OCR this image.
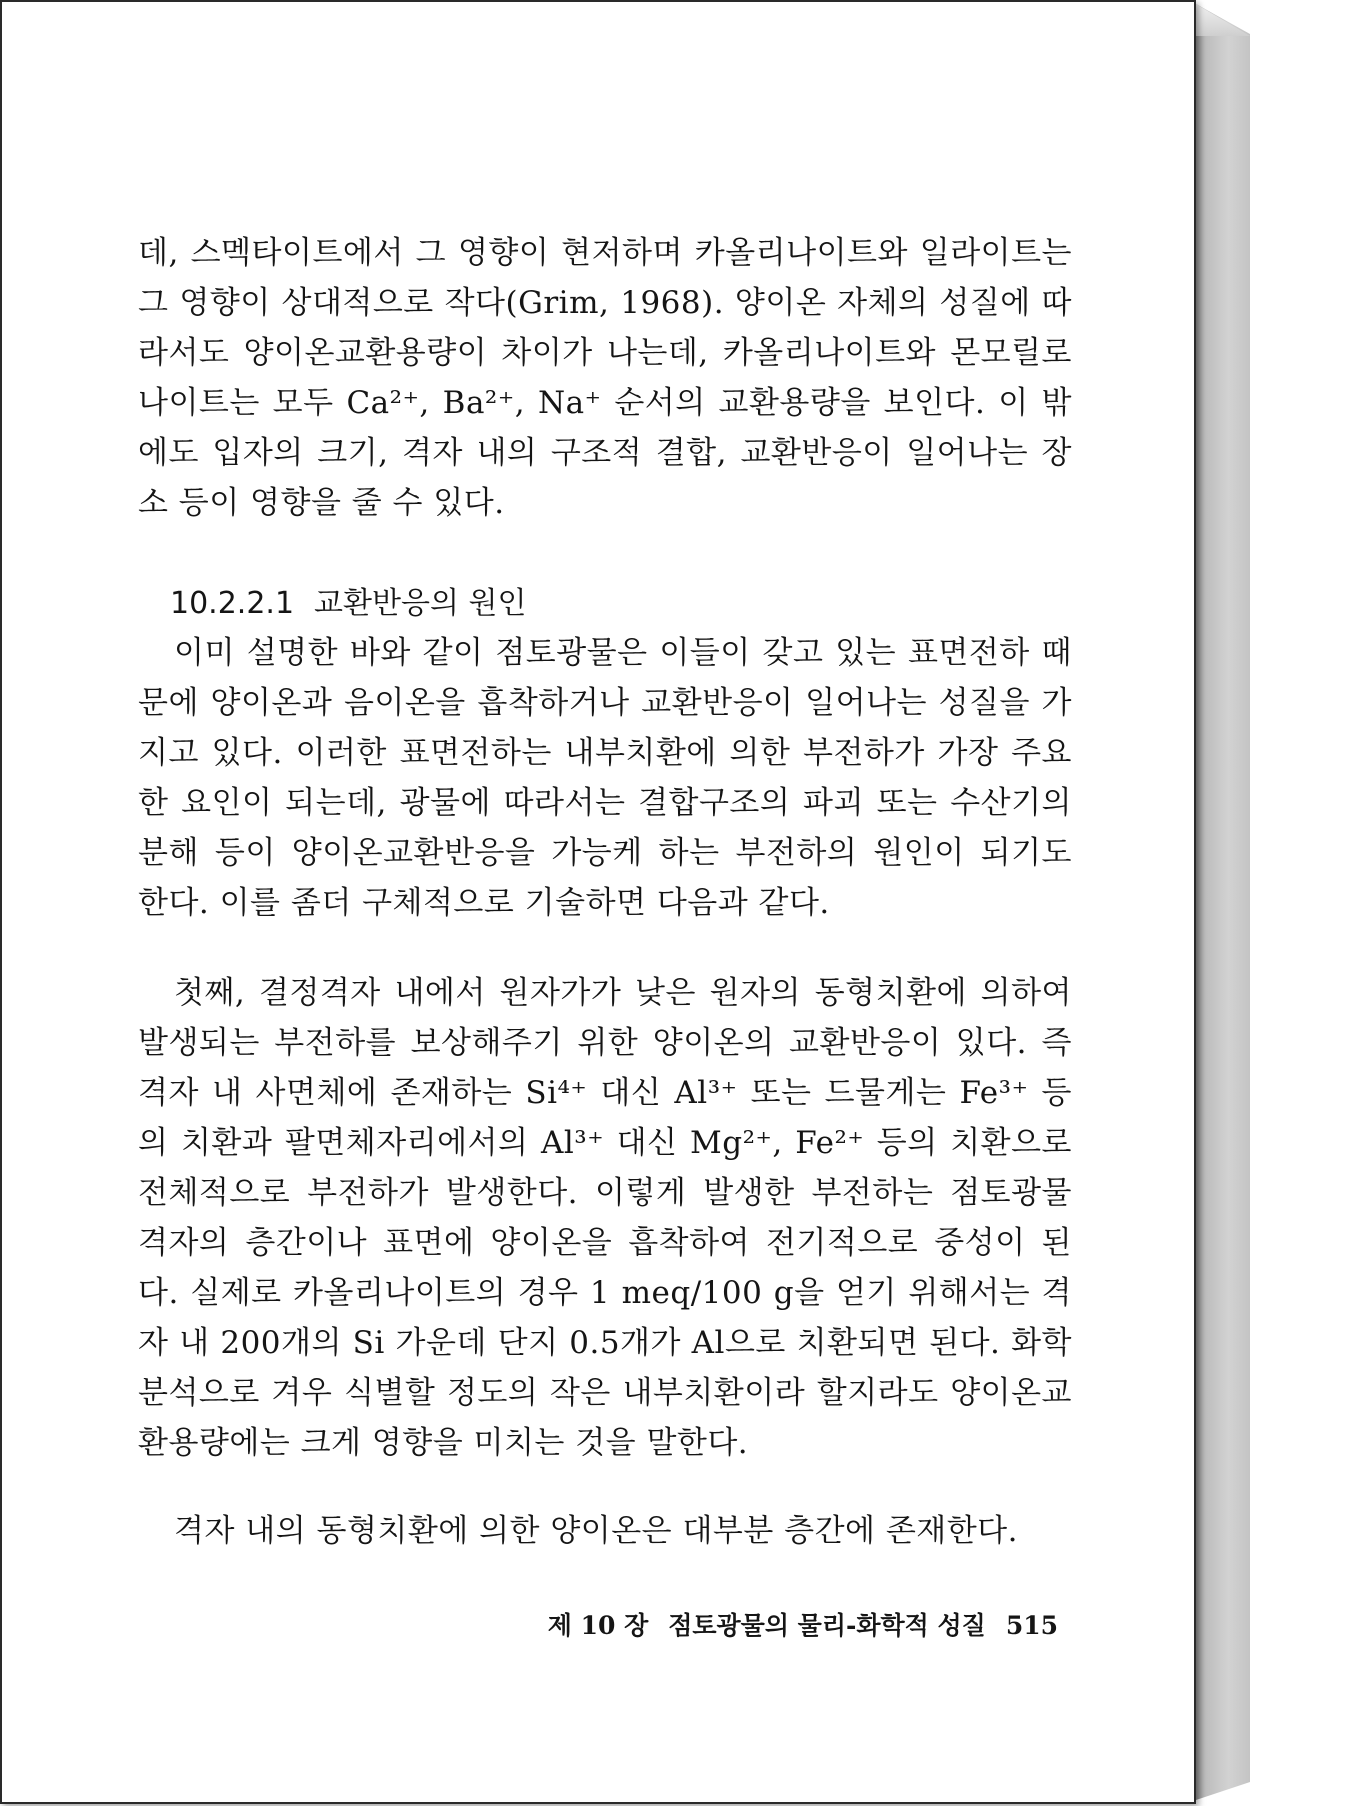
데, 스멕타이트에서 그 영향이 현저하며 카올리나이트와 일라이트는 그 영향이 상대적으로 작다(Grim, 1968). 양이온 자체의 성질에 따라서도 양이온교환용량이 차이가 나는데, 카올리나이트와 몬모릴로나이트는 모두 Ca²⁺, Ba²⁺, Na⁺ 순서의 교환용량을 보인다. 이 밖에도 입자의 크기, 격자 내의 구조적 결합, 교환반응이 일어나는 장소 등이 영향을 줄 수 있다.

10.2.2.1 교환반응의 원인

이미 설명한 바와 같이 점토광물은 이들이 갖고 있는 표면전하 때문에 양이온과 음이온을 흡착하거나 교환반응이 일어나는 성질을 가지고 있다. 이러한 표면전하는 내부치환에 의한 부전하가 가장 주요한 요인이 되는데, 광물에 따라서는 결합구조의 파괴 또는 수산기의 분해 등이 양이온교환반응을 가능케 하는 부전하의 원인이 되기도 한다. 이를 좀더 구체적으로 기술하면 다음과 같다.

첫째, 결정격자 내에서 원자가가 낮은 원자의 동형치환에 의하여 발생되는 부전하를 보상해주기 위한 양이온의 교환반응이 있다. 즉 격자 내 사면체에 존재하는 Si⁴⁺ 대신 Al³⁺ 또는 드물게는 Fe³⁺ 등의 치환과 팔면체자리에서의 Al³⁺ 대신 Mg²⁺, Fe²⁺ 등의 치환으로 전체적으로 부전하가 발생한다. 이렇게 발생한 부전하는 점토광물 격자의 층간이나 표면에 양이온을 흡착하여 전기적으로 중성이 된다. 실제로 카올리나이트의 경우 1 meq/100 g을 얻기 위해서는 격자 내 200개의 Si 가운데 단지 0.5개가 Al으로 치환되면 된다. 화학분석으로 겨우 식별할 정도의 작은 내부치환이라 할지라도 양이온교환용량에는 크게 영향을 미치는 것을 말한다.

격자 내의 동형치환에 의한 양이온은 대부분 층간에 존재한다.

제 10 장 점토광물의 물리-화학적 성질 515
